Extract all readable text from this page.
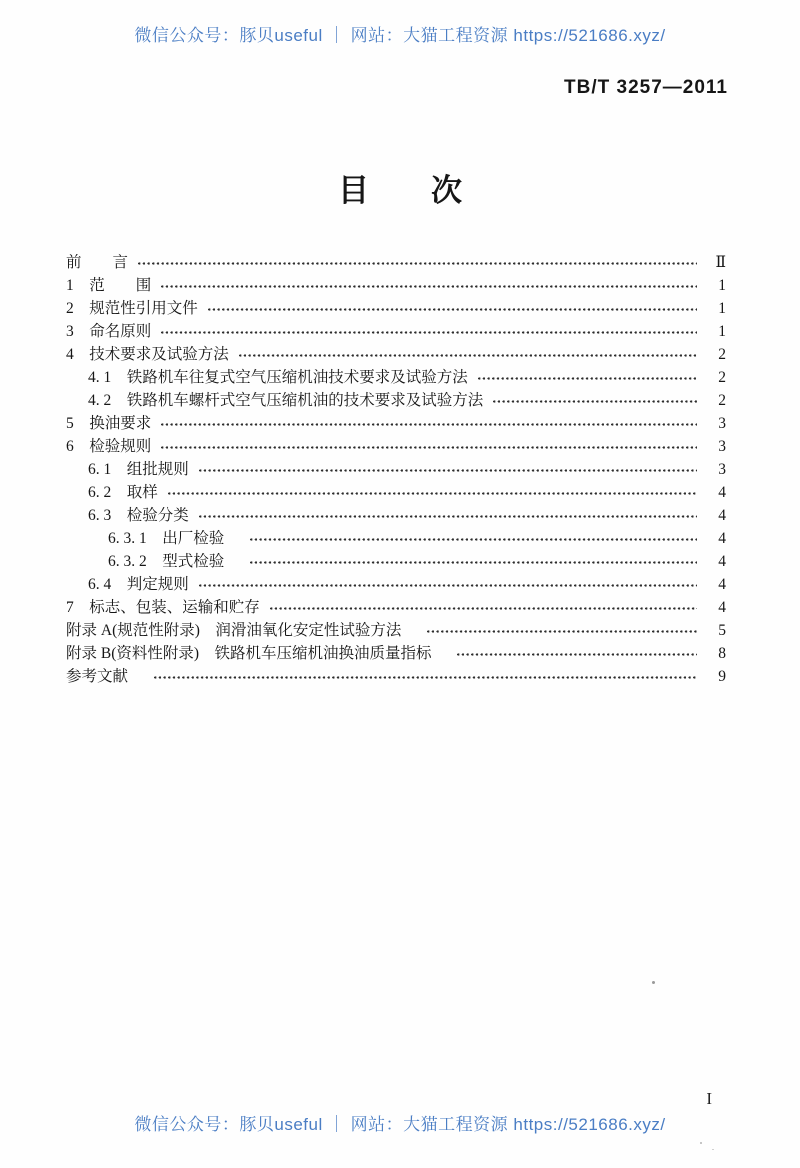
微信公众号：豚贝useful ｜ 网站：大猫工程资源 https://521686.xyz/
TB/T 3257—2011
目　　次
前　　言	Ⅱ
1　范　　围	1
2　规范性引用文件	1
3　命名原则	1
4　技术要求及试验方法	2
4. 1　铁路机车往复式空气压缩机油技术要求及试验方法	2
4. 2　铁路机车螺杆式空气压缩机油的技术要求及试验方法	2
5　换油要求	3
6　检验规则	3
6. 1　组批规则	3
6. 2　取样	4
6. 3　检验分类	4
6. 3. 1　出厂检验　	4
6. 3. 2　型式检验　	4
6. 4　判定规则	4
7　标志、包装、运输和贮存	4
附录 A(规范性附录)　润滑油氧化安定性试验方法　	5
附录 B(资料性附录)　铁路机车压缩机油换油质量指标　	8
参考文献　	9
I
微信公众号：豚贝useful ｜ 网站：大猫工程资源 https://521686.xyz/
